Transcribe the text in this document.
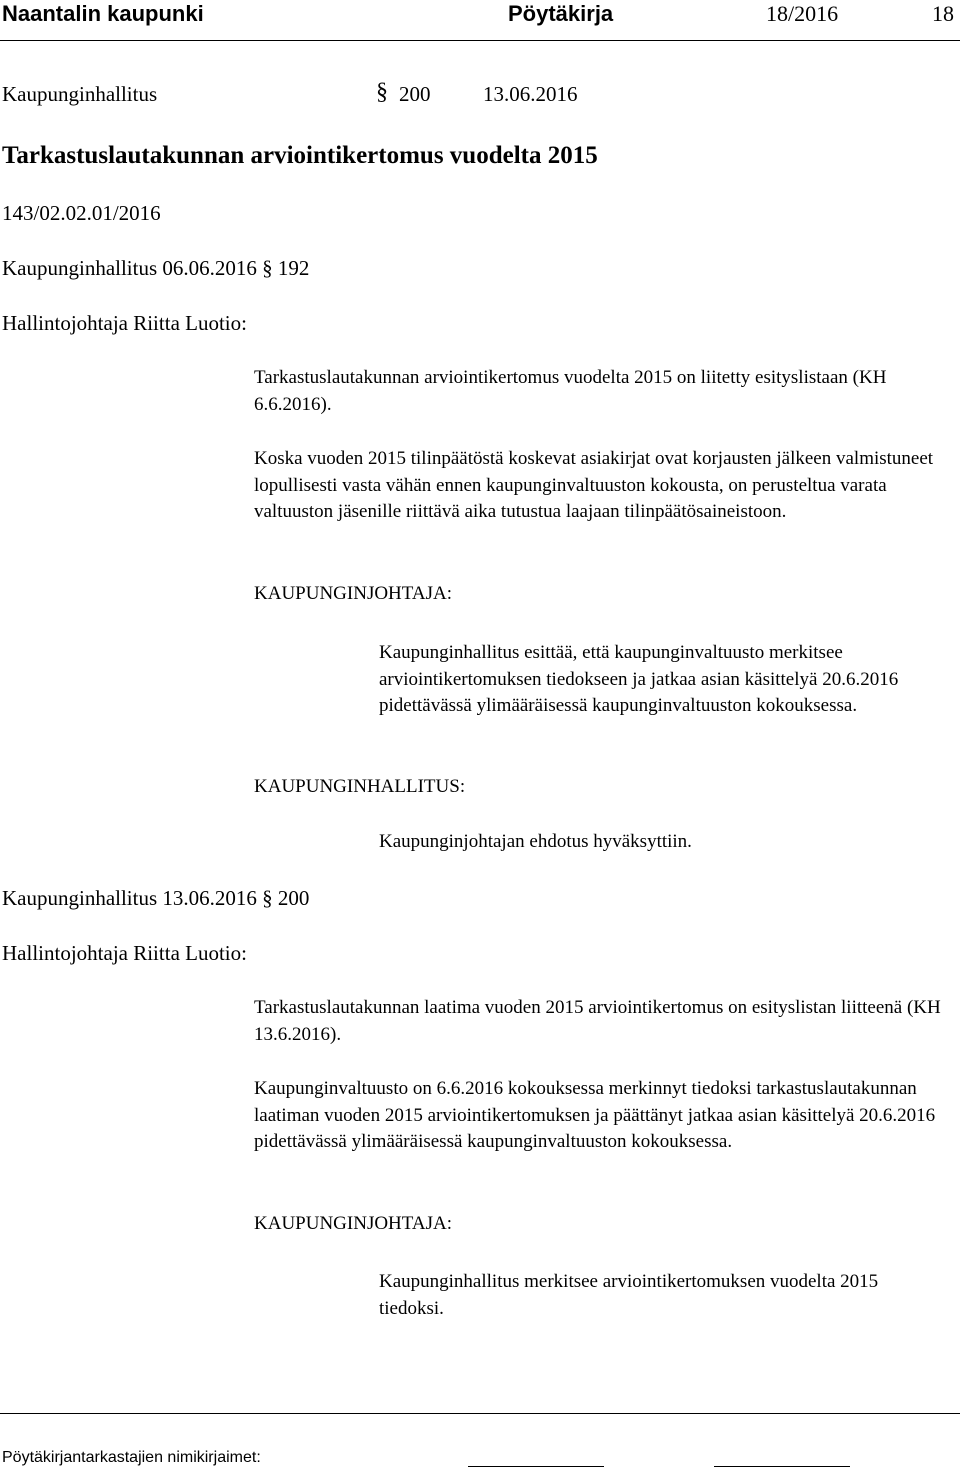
Naantalin kaupunki	Pöytäkirja	18/2016	18
Kaupunginhallitus	§ 200	13.06.2016
Tarkastuslautakunnan arviointikertomus vuodelta 2015
143/02.02.01/2016
Kaupunginhallitus 06.06.2016 § 192
Hallintojohtaja Riitta Luotio:
Tarkastuslautakunnan arviointikertomus vuodelta 2015 on liitetty esityslistaan (KH 6.6.2016).
Koska vuoden 2015 tilinpäätöstä koskevat asiakirjat ovat korjausten jälkeen valmistuneet lopullisesti vasta vähän ennen kaupunginvaltuuston kokousta, on perusteltua varata valtuuston jäsenille riittävä aika tutustua laajaan tilinpäätösaineistoon.
KAUPUNGINJOHTAJA:
Kaupunginhallitus esittää, että kaupunginvaltuusto merkitsee arviointikertomuksen tiedokseen ja jatkaa asian käsittelyä 20.6.2016 pidettävässä ylimääräisessä kaupunginvaltuuston kokouksessa.
KAUPUNGINHALLITUS:
Kaupunginjohtajan ehdotus hyväksyttiin.
Kaupunginhallitus 13.06.2016 § 200
Hallintojohtaja Riitta Luotio:
Tarkastuslautakunnan laatima vuoden 2015 arviointikertomus on esityslistan liitteenä (KH 13.6.2016).
Kaupunginvaltuusto on 6.6.2016 kokouksessa merkinnyt tiedoksi tarkastuslautakunnan laatiman vuoden 2015 arviointikertomuksen ja päättänyt jatkaa asian käsittelyä 20.6.2016 pidettävässä ylimääräisessä kaupunginvaltuuston kokouksessa.
KAUPUNGINJOHTAJA:
Kaupunginhallitus merkitsee arviointikertomuksen vuodelta 2015 tiedoksi.
Pöytäkirjantarkastajien nimikirjaimet:
